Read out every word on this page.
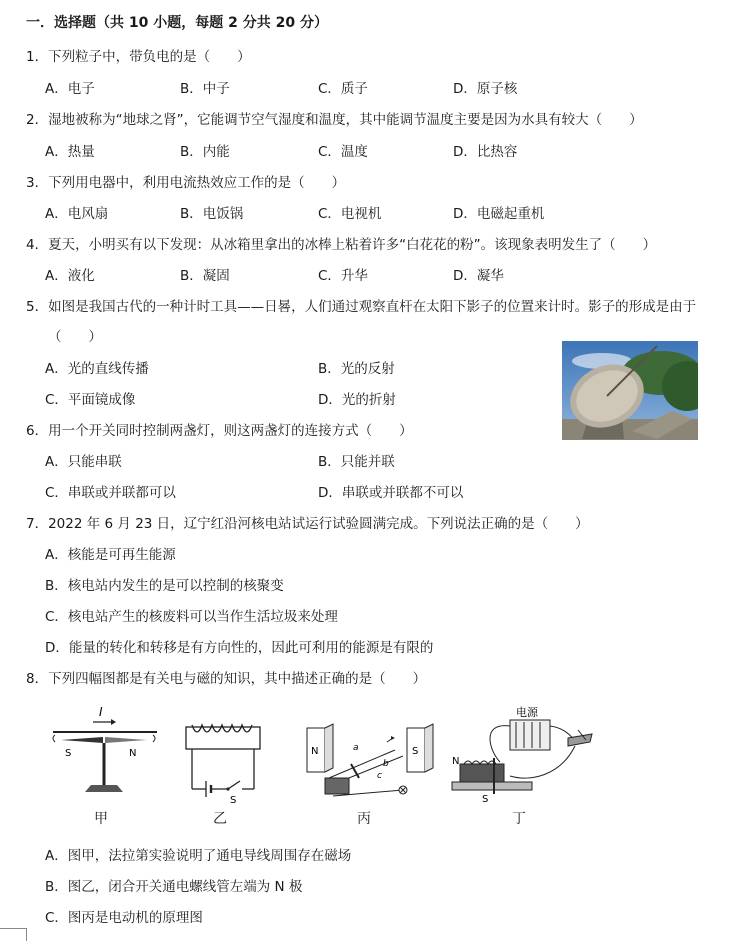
一．选择题（共 10 小题，每题 2 分共 20 分）
1．下列粒子中，带负电的是（　　）
A．电子	B．中子	C．质子	D．原子核
2．湿地被称为“地球之肾”，它能调节空气湿度和温度，其中能调节温度主要是因为水具有较大（　　）
A．热量	B．内能	C．温度	D．比热容
3．下列用电器中，利用电流热效应工作的是（　　）
A．电风扇	B．电饭锅	C．电视机	D．电磁起重机
4．夏天，小明买有以下发现：从冰箱里拿出的冰棒上粘着许多“白花花的粉”。该现象表明发生了（　　）
A．液化	B．凝固	C．升华	D．凝华
5．如图是我国古代的一种计时工具——日晷，人们通过观察直杆在太阳下影子的位置来计时。影子的形成是由于
（　　）
A．光的直线传播	B．光的反射
C．平面镜成像	D．光的折射
6．用一个开关同时控制两盏灯，则这两盏灯的连接方式（　　）
A．只能串联	B．只能并联
C．串联或并联都可以	D．串联或并联都不可以
7．2022 年 6 月 23 日，辽宁红沿河核电站试运行试验圆满完成。下列说法正确的是（　　）
A．核能是可再生能源
B．核电站内发生的是可以控制的核聚变
C．核电站产生的核废料可以当作生活垃圾来处理
D．能量的转化和转移是有方向性的，因此可利用的能源是有限的
8．下列四幅图都是有关电与磁的知识，其中描述正确的是（　　）
I
S	N
甲
S
乙
N	S
a
b
c
丙
电源
N
S
丁
A．图甲，法拉第实验说明了通电导线周围存在磁场
B．图乙，闭合开关通电螺线管左端为 N 极
C．图丙是电动机的原理图
